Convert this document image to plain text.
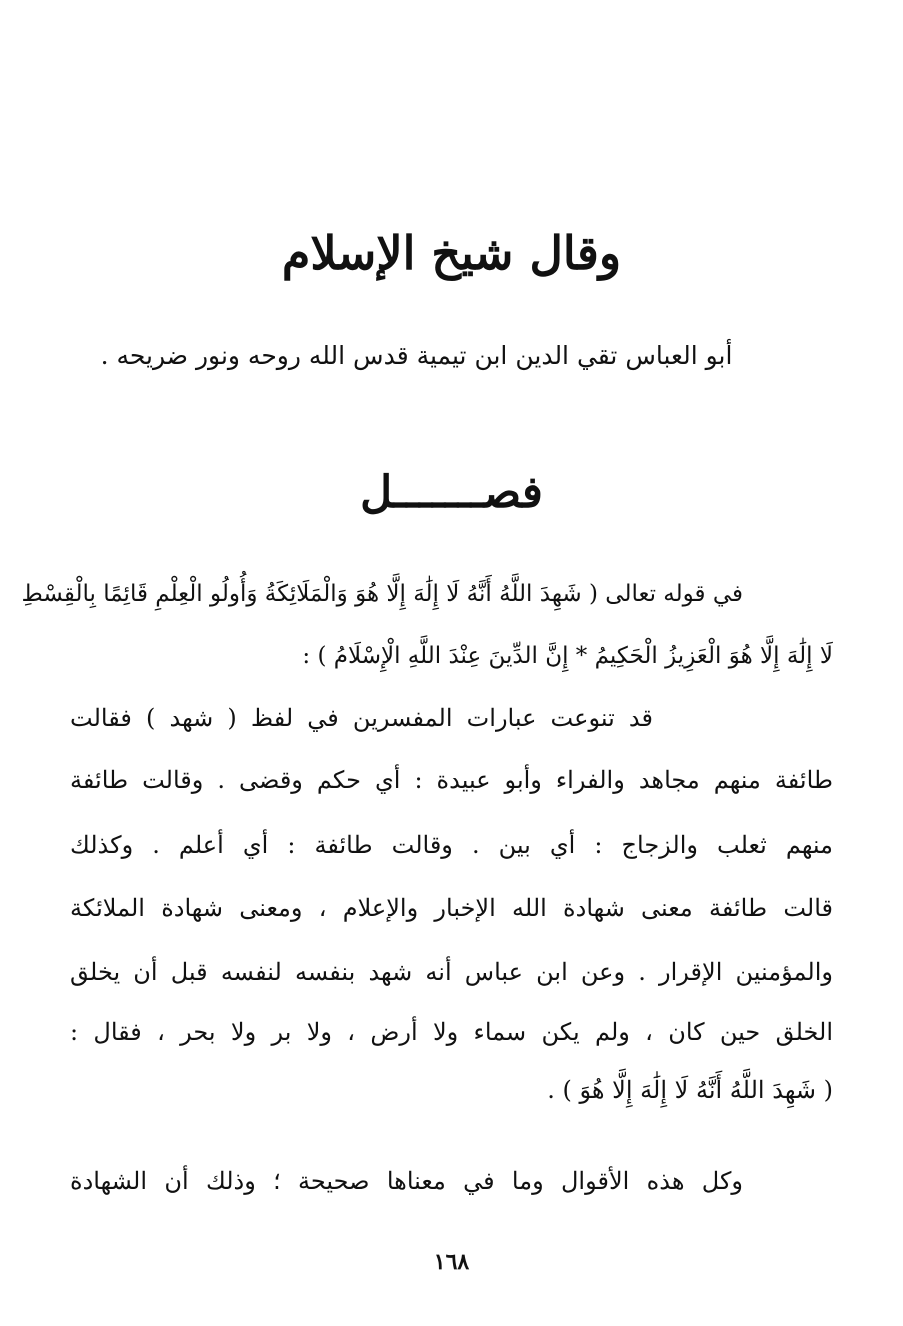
وقال شيخ الإسلام
أبو العباس تقي الدين ابن تيمية قدس الله روحه ونور ضريحه .
فصـــــــل
في قوله تعالى ( شَهِدَ اللَّهُ أَنَّهُ لَا إِلَٰهَ إِلَّا هُوَ وَالْمَلَائِكَةُ وَأُولُو الْعِلْمِ قَائِمًا بِالْقِسْطِ
لَا إِلَٰهَ إِلَّا هُوَ الْعَزِيزُ الْحَكِيمُ * إِنَّ الدِّينَ عِنْدَ اللَّهِ الْإِسْلَامُ ) :
قد تنوعت عبارات المفسرين في لفظ ( شهد ) فقالت
طائفة منهم مجاهد والفراء وأبو عبيدة : أي حكم وقضى . وقالت طائفة
منهم ثعلب والزجاج : أي بين . وقالت طائفة : أي أعلم . وكذلك
قالت طائفة معنى شهادة الله الإخبار والإعلام ، ومعنى شهادة الملائكة
والمؤمنين الإقرار . وعن ابن عباس أنه شهد بنفسه لنفسه قبل أن يخلق
الخلق حين كان ، ولم يكن سماء ولا أرض ، ولا بر ولا بحر ، فقال :
( شَهِدَ اللَّهُ أَنَّهُ لَا إِلَٰهَ إِلَّا هُوَ ) .
وكل هذه الأقوال وما في معناها صحيحة ؛ وذلك أن الشهادة
١٦٨
